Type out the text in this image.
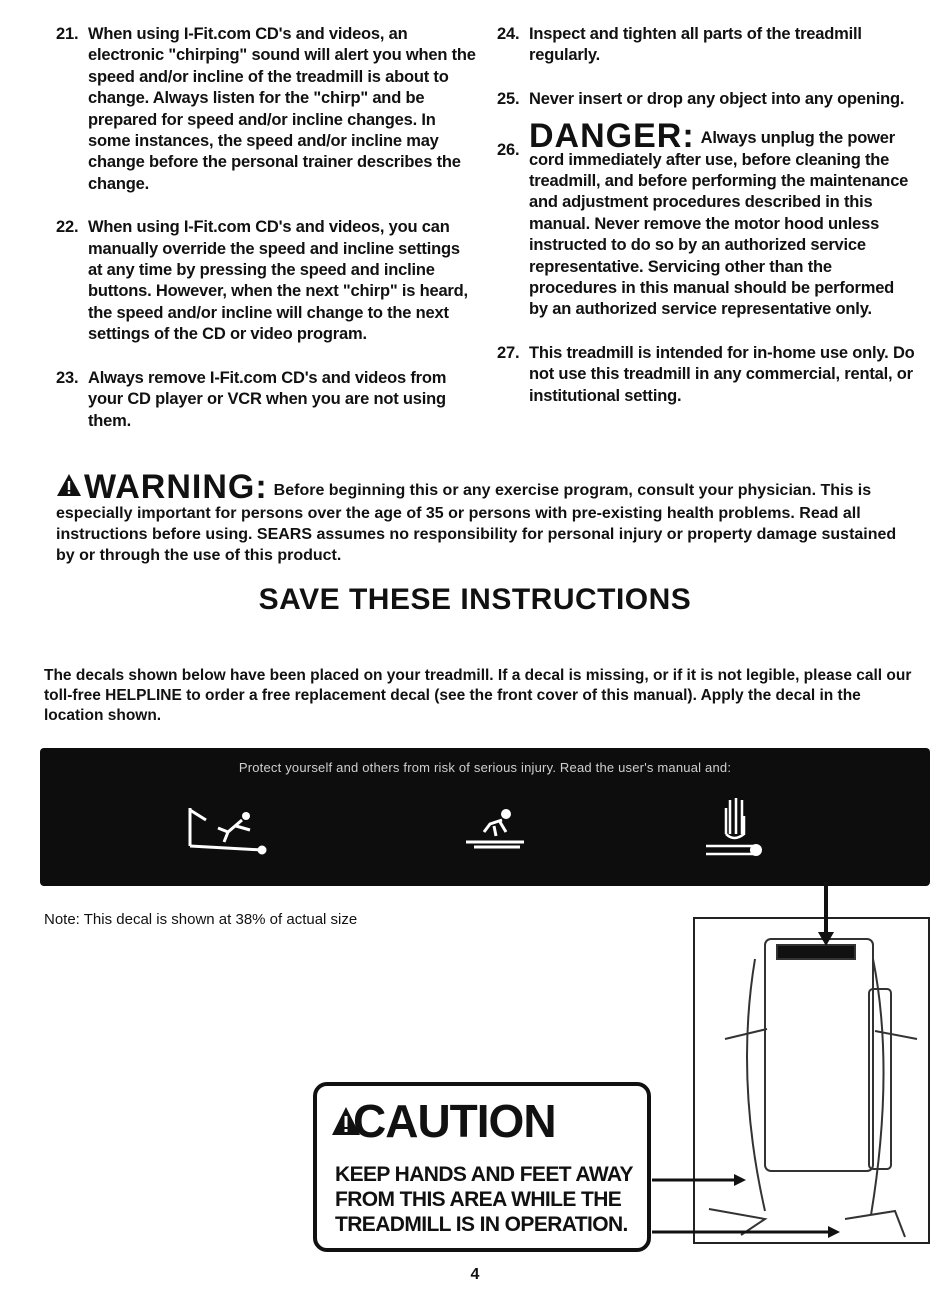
21. When using I-Fit.com CD's and videos, an electronic "chirping" sound will alert you when the speed and/or incline of the treadmill is about to change. Always listen for the "chirp" and be prepared for speed and/or incline changes. In some instances, the speed and/or incline may change before the personal trainer describes the change.
22. When using I-Fit.com CD's and videos, you can manually override the speed and incline settings at any time by pressing the speed and incline buttons. However, when the next "chirp" is heard, the speed and/or incline will change to the next settings of the CD or video program.
23. Always remove I-Fit.com CD's and videos from your CD player or VCR when you are not using them.
24. Inspect and tighten all parts of the treadmill regularly.
25. Never insert or drop any object into any opening.
26. DANGER: Always unplug the power cord immediately after use, before cleaning the treadmill, and before performing the maintenance and adjustment procedures described in this manual. Never remove the motor hood unless instructed to do so by an authorized service representative. Servicing other than the procedures in this manual should be performed by an authorized service representative only.
27. This treadmill is intended for in-home use only. Do not use this treadmill in any commercial, rental, or institutional setting.
WARNING: Before beginning this or any exercise program, consult your physician. This is especially important for persons over the age of 35 or persons with pre-existing health problems. Read all instructions before using. SEARS assumes no responsibility for personal injury or property damage sustained by or through the use of this product.
SAVE THESE INSTRUCTIONS
The decals shown below have been placed on your treadmill. If a decal is missing, or if it is not legible, please call our toll-free HELPLINE to order a free replacement decal (see the front cover of this manual). Apply the decal in the location shown.
Protect yourself and others from risk of serious injury. Read the user's manual and:
Note: This decal is shown at 38% of actual size
CAUTION
KEEP HANDS AND FEET AWAY FROM THIS AREA WHILE THE TREADMILL IS IN OPERATION.
4
